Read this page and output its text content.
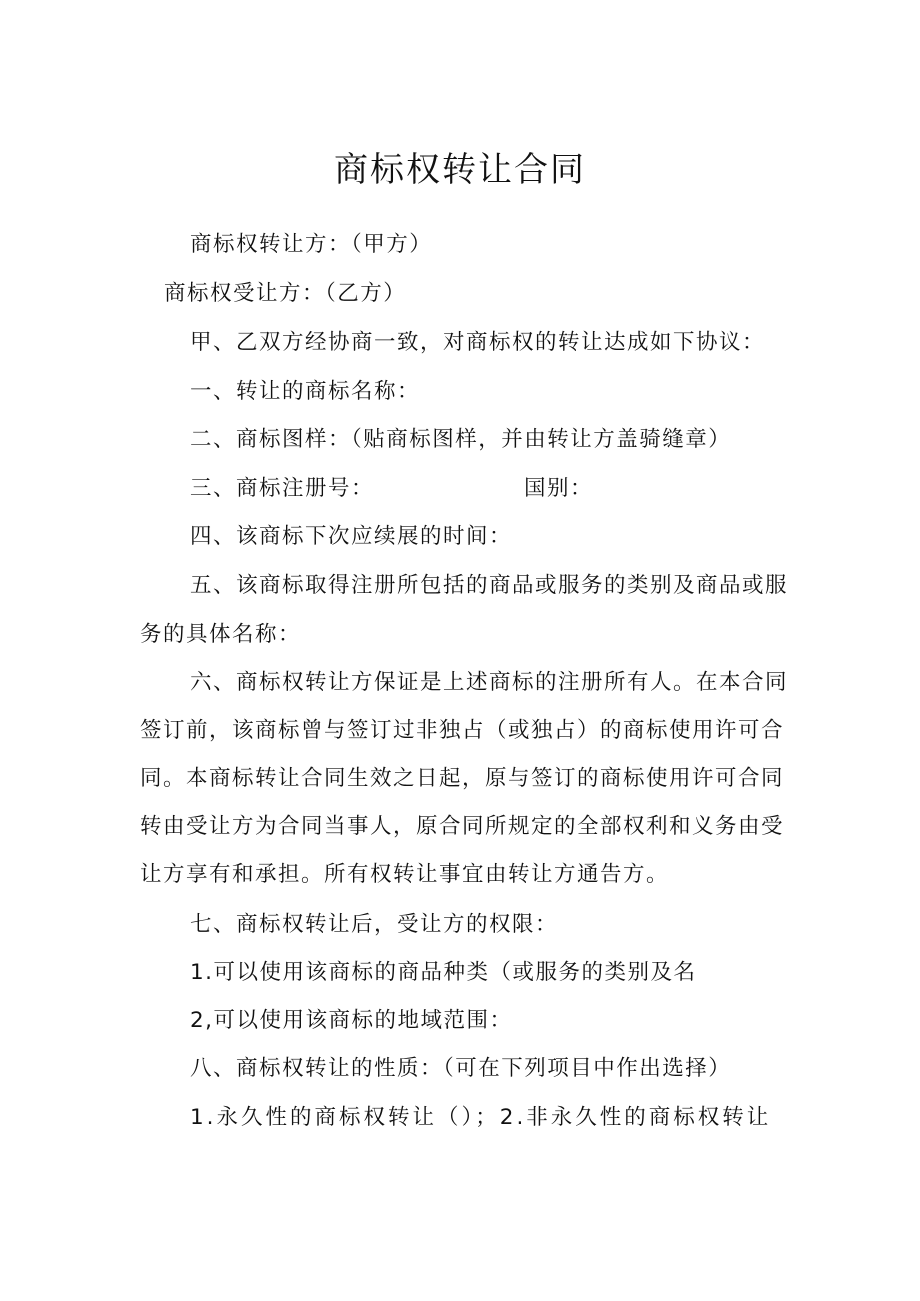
商标权转让合同
商标权转让方：（甲方）
商标权受让方：（乙方）
甲、乙双方经协商一致，对商标权的转让达成如下协议：
一、转让的商标名称：
二、商标图样：（贴商标图样，并由转让方盖骑缝章）
三、商标注册号：	国别：
四、该商标下次应续展的时间：
五、该商标取得注册所包括的商品或服务的类别及商品或服
务的具体名称：
六、商标权转让方保证是上述商标的注册所有人。在本合同
签订前，该商标曾与签订过非独占（或独占）的商标使用许可合
同。本商标转让合同生效之日起，原与签订的商标使用许可合同
转由受让方为合同当事人，原合同所规定的全部权利和义务由受
让方享有和承担。所有权转让事宜由转让方通告方。
七、商标权转让后，受让方的权限：
1.可以使用该商标的商品种类（或服务的类别及名
2,可以使用该商标的地域范围：
八、商标权转让的性质：（可在下列项目中作出选择）
1.永久性的商标权转让（）；2.非永久性的商标权转让
